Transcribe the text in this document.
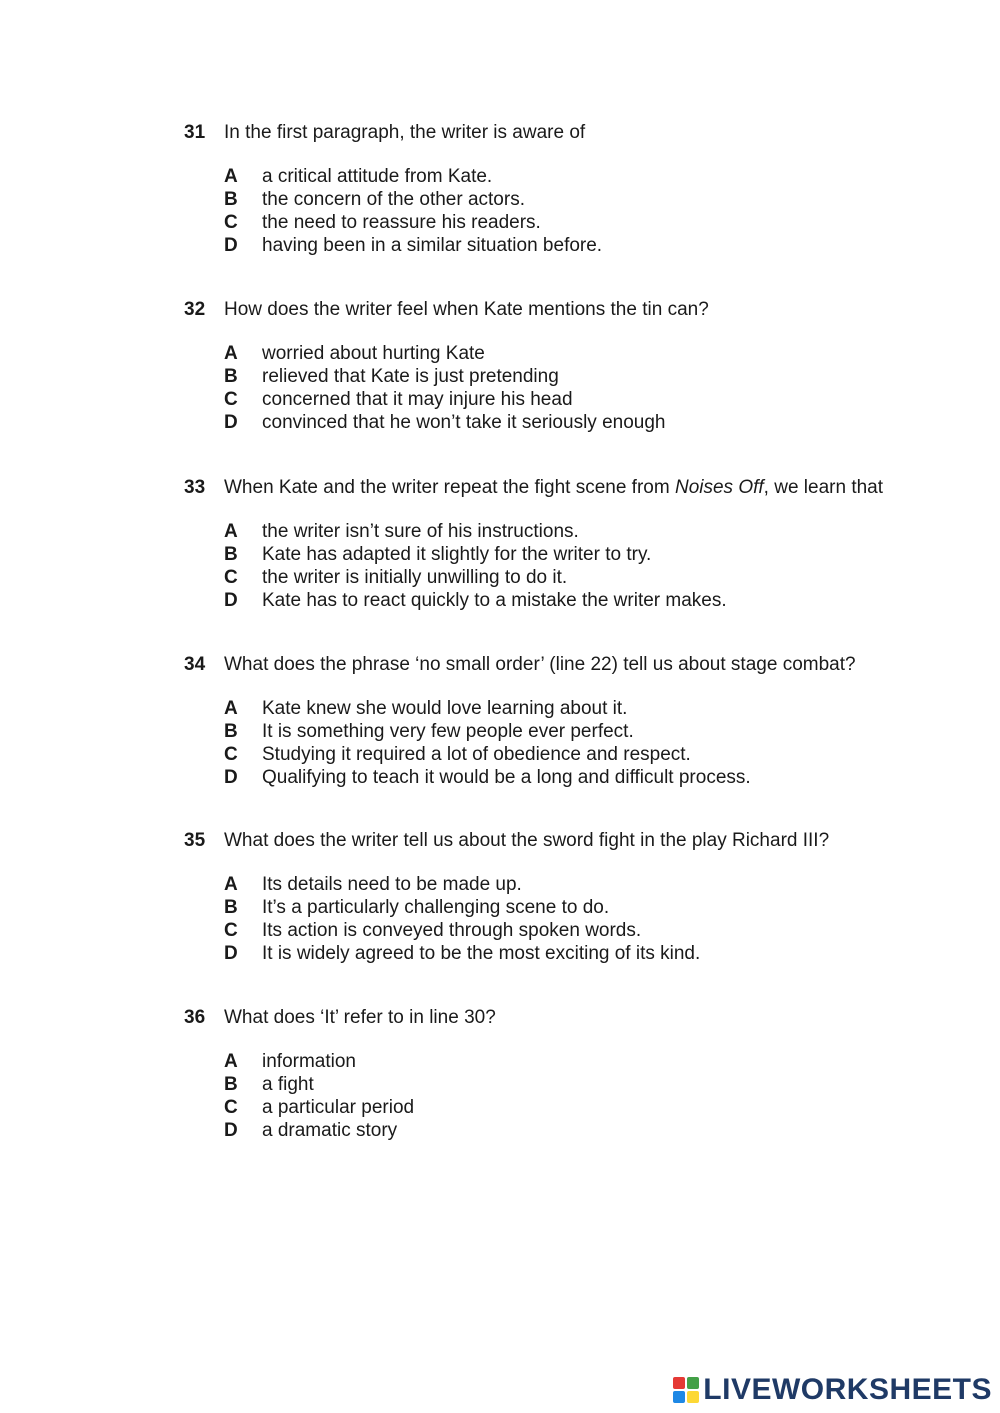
31 In the first paragraph, the writer is aware of
A	a critical attitude from Kate.
B	the concern of the other actors.
C	the need to reassure his readers.
D	having been in a similar situation before.
32 How does the writer feel when Kate mentions the tin can?
A	worried about hurting Kate
B	relieved that Kate is just pretending
C	concerned that it may injure his head
D	convinced that he won’t take it seriously enough
33 When Kate and the writer repeat the fight scene from Noises Off, we learn that
A	the writer isn’t sure of his instructions.
B	Kate has adapted it slightly for the writer to try.
C	the writer is initially unwilling to do it.
D	Kate has to react quickly to a mistake the writer makes.
34 What does the phrase ‘no small order’ (line 22) tell us about stage combat?
A	Kate knew she would love learning about it.
B	It is something very few people ever perfect.
C	Studying it required a lot of obedience and respect.
D	Qualifying to teach it would be a long and difficult process.
35 What does the writer tell us about the sword fight in the play Richard III?
A	Its details need to be made up.
B	It’s a particularly challenging scene to do.
C	Its action is conveyed through spoken words.
D	It is widely agreed to be the most exciting of its kind.
36 What does ‘It’ refer to in line 30?
A	information
B	a fight
C	a particular period
D	a dramatic story
LIVEWORKSHEETS
